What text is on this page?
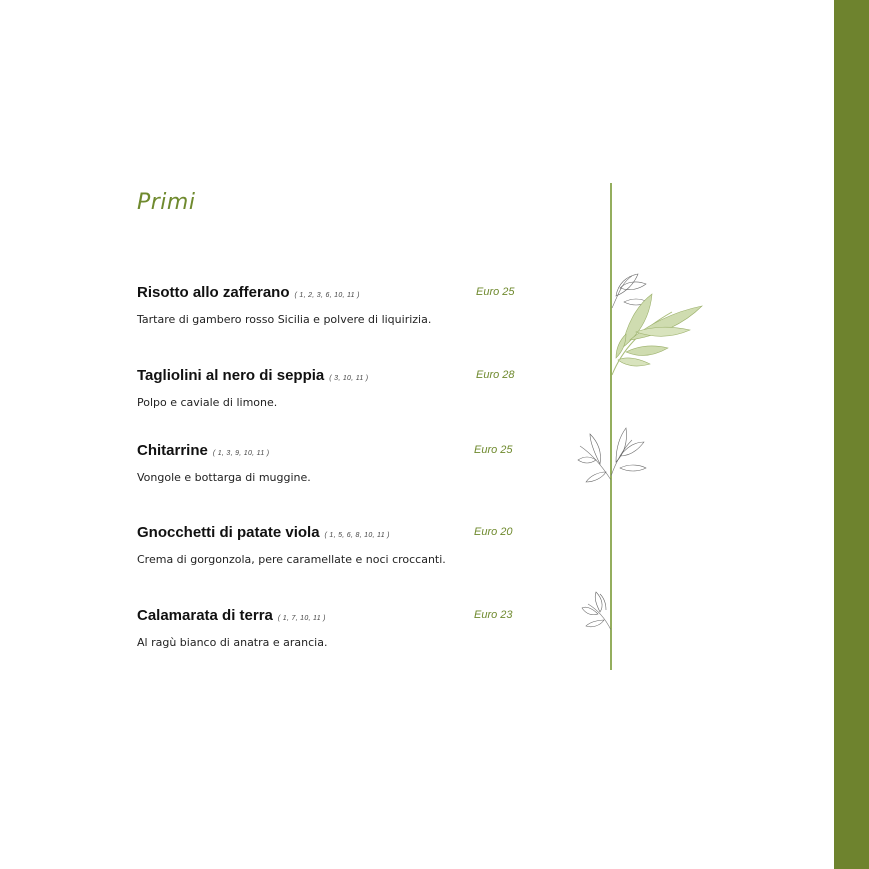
Primi
Risotto allo zafferano ( 1, 2, 3, 6, 10, 11 )	Euro 25
Tartare di gambero rosso Sicilia e polvere di liquirizia.
Tagliolini al nero di seppia ( 3, 10, 11 )	Euro 28
Polpo e caviale di limone.
Chitarrine ( 1, 3, 9, 10, 11 )	Euro 25
Vongole e bottarga di muggine.
Gnocchetti di patate viola ( 1, 5, 6, 8, 10, 11 )	Euro 20
Crema di gorgonzola, pere caramellate e noci croccanti.
Calamarata di terra ( 1, 7, 10, 11 )	Euro 23
Al ragù bianco di anatra e arancia.
